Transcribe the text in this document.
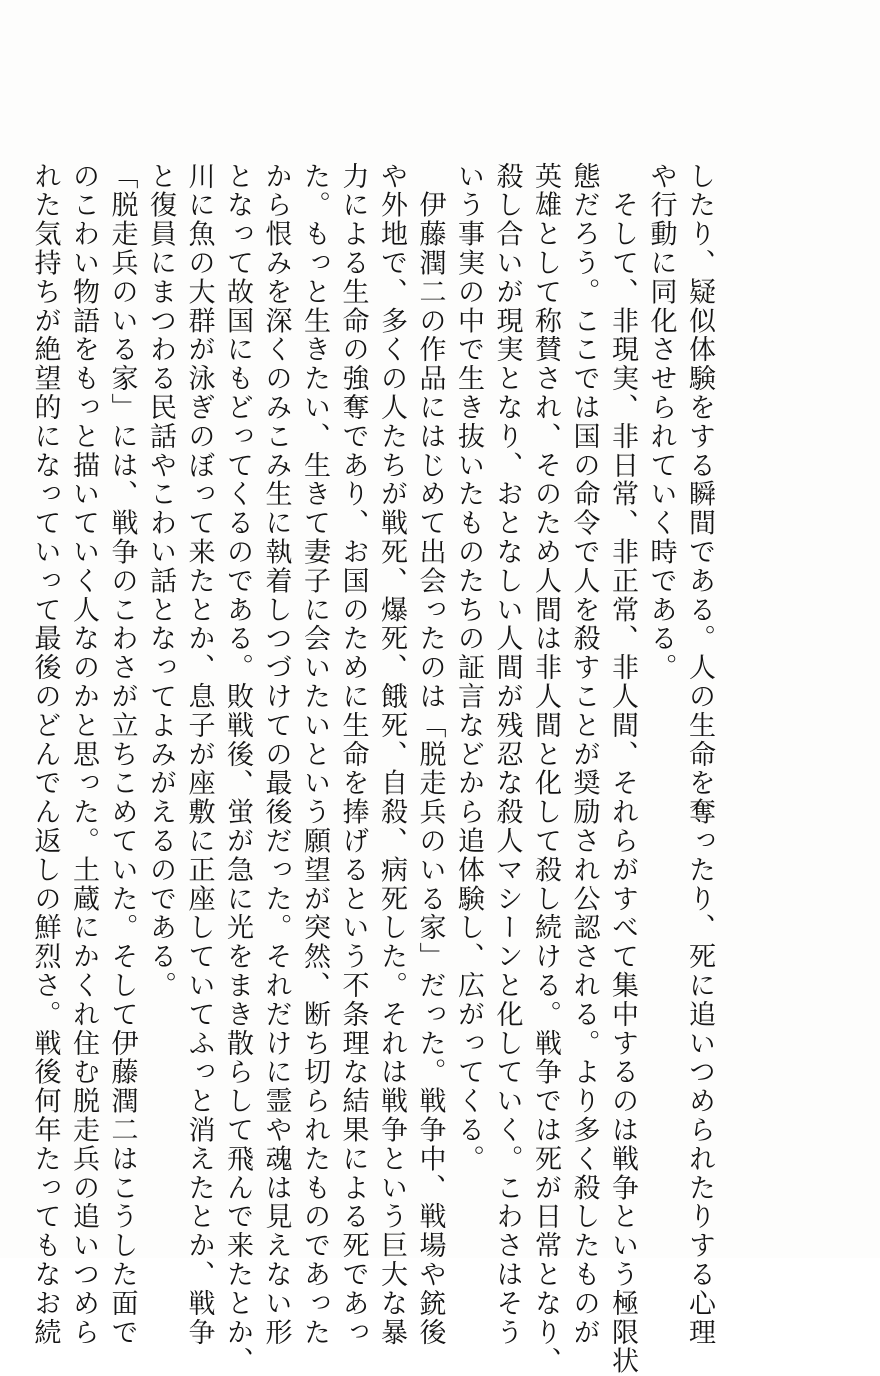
したり、疑似体験をする瞬間である。人の生命を奪ったり、死に追いつめられたりする心理
や行動に同化させられていく時である。
　そして、非現実、非日常、非正常、非人間、それらがすべて集中するのは戦争という極限状
態だろう。ここでは国の命令で人を殺すことが奨励され公認される。より多く殺したものが
英雄として称賛され、そのため人間は非人間と化して殺し続ける。戦争では死が日常となり、
殺し合いが現実となり、おとなしい人間が残忍な殺人マシーンと化していく。こわさはそう
いう事実の中で生き抜いたものたちの証言などから追体験し、広がってくる。
　伊藤潤二の作品にはじめて出会ったのは「脱走兵のいる家」だった。戦争中、戦場や銃後
や外地で、多くの人たちが戦死、爆死、餓死、自殺、病死した。それは戦争という巨大な暴
力による生命の強奪であり、お国のために生命を捧げるという不条理な結果による死であっ
た。もっと生きたい、生きて妻子に会いたいという願望が突然、断ち切られたものであった
から恨みを深くのみこみ生に執着しつづけての最後だった。それだけに霊や魂は見えない形
となって故国にもどってくるのである。敗戦後、蛍が急に光をまき散らして飛んで来たとか、
川に魚の大群が泳ぎのぼって来たとか、息子が座敷に正座していてふっと消えたとか、戦争
と復員にまつわる民話やこわい話となってよみがえるのである。
「脱走兵のいる家」には、戦争のこわさが立ちこめていた。そして伊藤潤二はこうした面で
のこわい物語をもっと描いていく人なのかと思った。土蔵にかくれ住む脱走兵の追いつめら
れた気持ちが絶望的になっていって最後のどんでん返しの鮮烈さ。戦後何年たってもなお続
